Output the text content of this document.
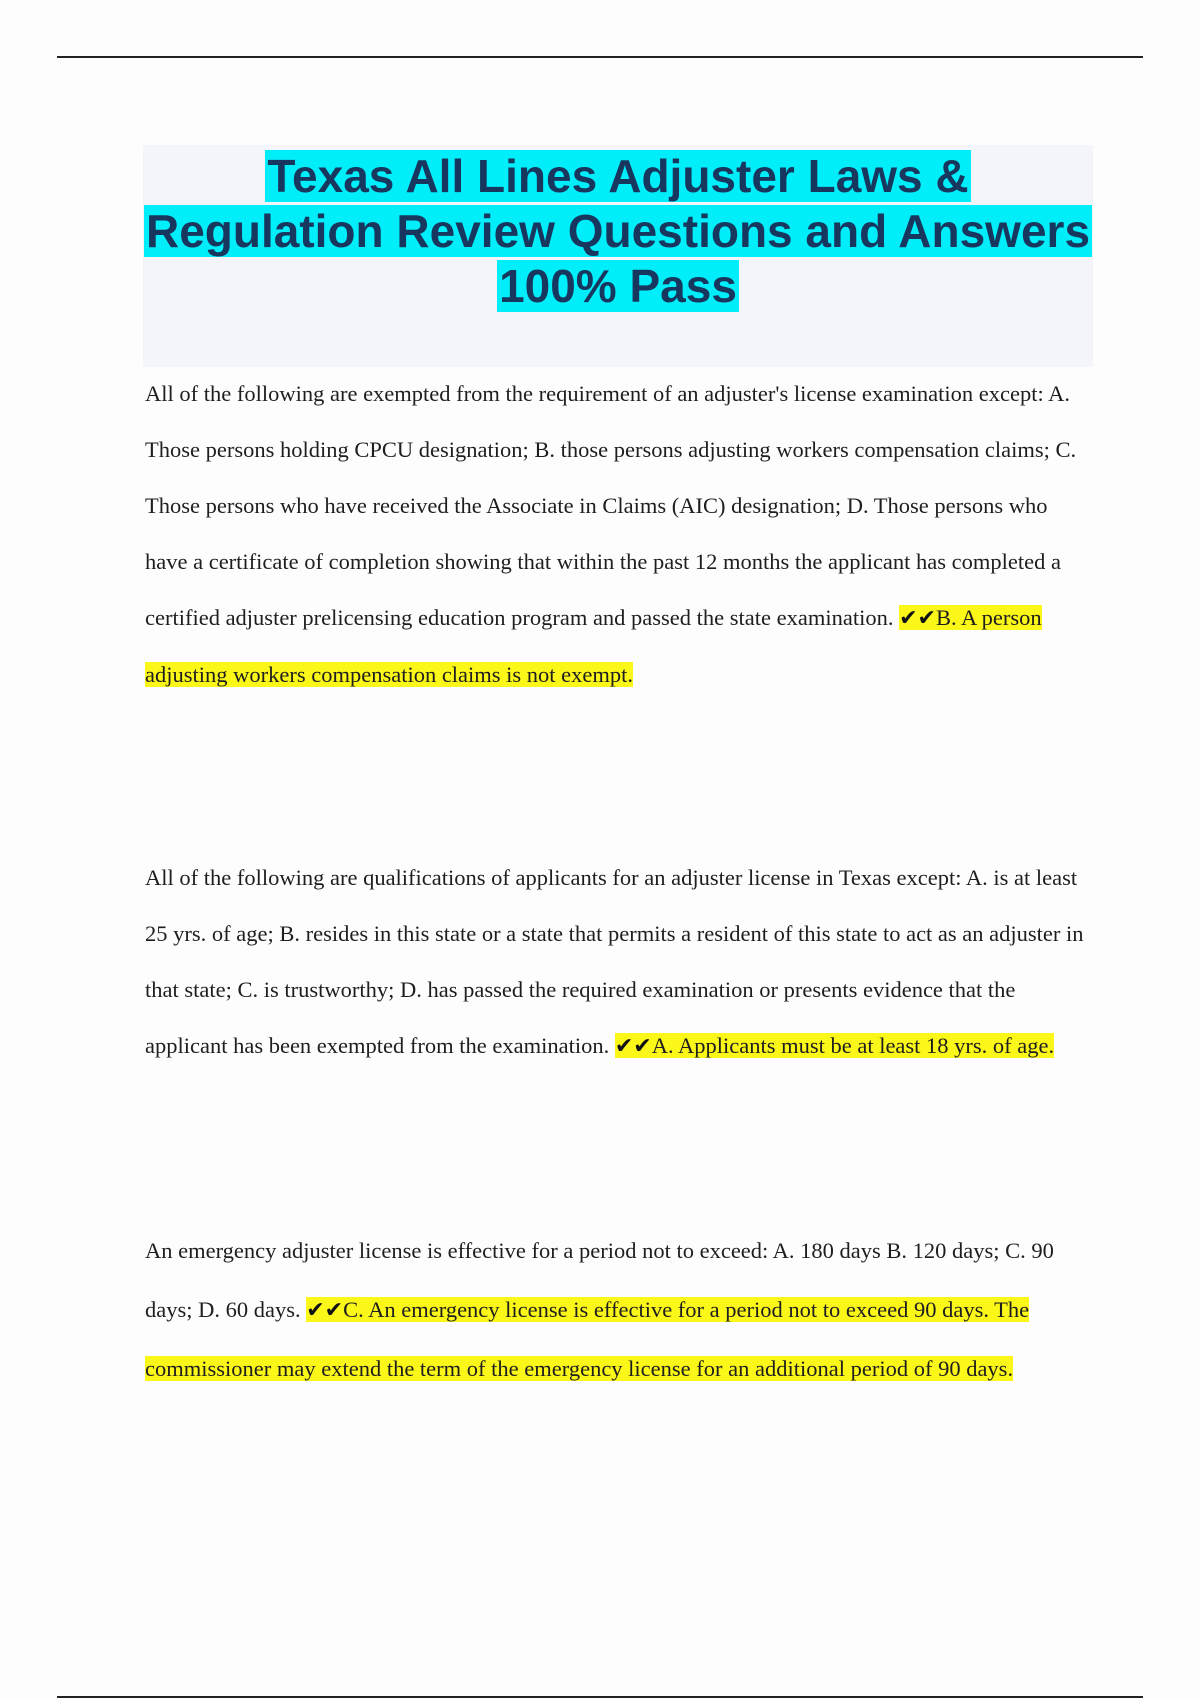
Texas All Lines Adjuster Laws & Regulation Review Questions and Answers 100% Pass

All of the following are exempted from the requirement of an adjuster's license examination except: A. Those persons holding CPCU designation; B. those persons adjusting workers compensation claims; C. Those persons who have received the Associate in Claims (AIC) designation; D. Those persons who have a certificate of completion showing that within the past 12 months the applicant has completed a certified adjuster prelicensing education program and passed the state examination. ✔✔B. A person adjusting workers compensation claims is not exempt.

All of the following are qualifications of applicants for an adjuster license in Texas except: A. is at least 25 yrs. of age; B. resides in this state or a state that permits a resident of this state to act as an adjuster in that state; C. is trustworthy; D. has passed the required examination or presents evidence that the applicant has been exempted from the examination. ✔✔A. Applicants must be at least 18 yrs. of age.

An emergency adjuster license is effective for a period not to exceed: A. 180 days B. 120 days; C. 90 days; D. 60 days. ✔✔C. An emergency license is effective for a period not to exceed 90 days. The commissioner may extend the term of the emergency license for an additional period of 90 days.
